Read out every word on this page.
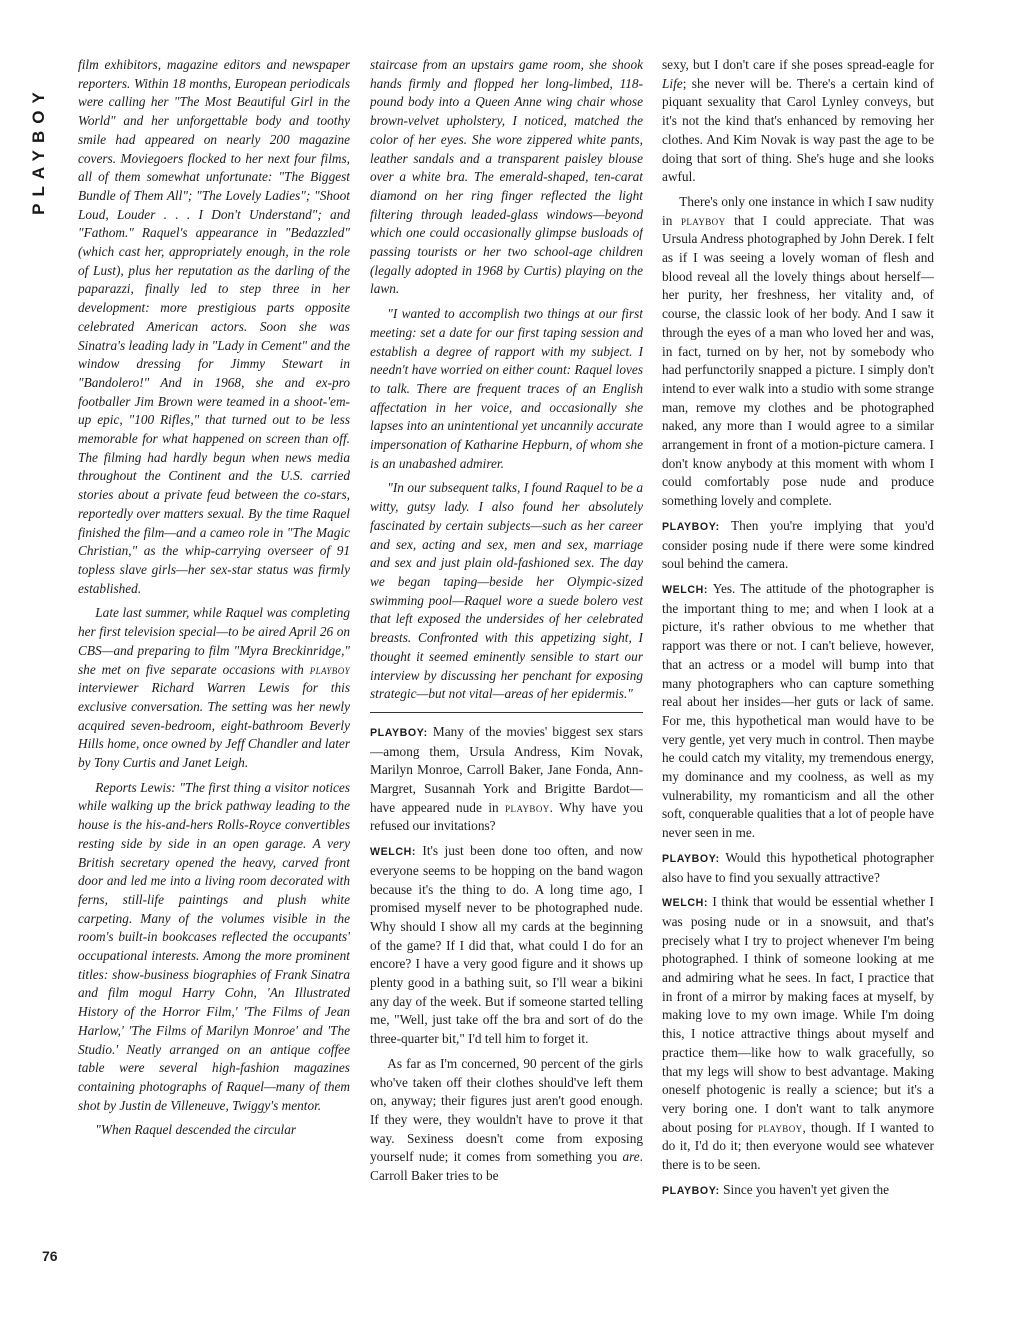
PLAYBOY
76

film exhibitors, magazine editors and newspaper reporters. Within 18 months, European periodicals were calling her "The Most Beautiful Girl in the World" and her unforgettable body and toothy smile had appeared on nearly 200 magazine covers. Moviegoers flocked to her next four films, all of them somewhat unfortunate: "The Biggest Bundle of Them All"; "The Lovely Ladies"; "Shoot Loud, Louder . . . I Don't Understand"; and "Fathom." Raquel's appearance in "Bedazzled" (which cast her, appropriately enough, in the role of Lust), plus her reputation as the darling of the paparazzi, finally led to step three in her development: more prestigious parts opposite celebrated American actors. Soon she was Sinatra's leading lady in "Lady in Cement" and the window dressing for Jimmy Stewart in "Bandolero!" And in 1968, she and ex-pro footballer Jim Brown were teamed in a shoot-'em-up epic, "100 Rifles," that turned out to be less memorable for what happened on screen than off. The filming had hardly begun when news media throughout the Continent and the U.S. carried stories about a private feud between the co-stars, reportedly over matters sexual. By the time Raquel finished the film—and a cameo role in "The Magic Christian," as the whip-carrying overseer of 91 topless slave girls—her sex-star status was firmly established.

Late last summer, while Raquel was completing her first television special—to be aired April 26 on CBS—and preparing to film "Myra Breckinridge," she met on five separate occasions with playboy interviewer Richard Warren Lewis for this exclusive conversation. The setting was her newly acquired seven-bedroom, eight-bathroom Beverly Hills home, once owned by Jeff Chandler and later by Tony Curtis and Janet Leigh.

Reports Lewis: "The first thing a visitor notices while walking up the brick pathway leading to the house is the his-and-hers Rolls-Royce convertibles resting side by side in an open garage. A very British secretary opened the heavy, carved front door and led me into a living room decorated with ferns, still-life paintings and plush white carpeting. Many of the volumes visible in the room's built-in bookcases reflected the occupants' occupational interests. Among the more prominent titles: show-business biographies of Frank Sinatra and film mogul Harry Cohn, 'An Illustrated History of the Horror Film,' 'The Films of Jean Harlow,' 'The Films of Marilyn Monroe' and 'The Studio.' Neatly arranged on an antique coffee table were several high-fashion magazines containing photographs of Raquel—many of them shot by Justin de Villeneuve, Twiggy's mentor.

"When Raquel descended the circular

staircase from an upstairs game room, she shook hands firmly and flopped her long-limbed, 118-pound body into a Queen Anne wing chair whose brown-velvet upholstery, I noticed, matched the color of her eyes. She wore zippered white pants, leather sandals and a transparent paisley blouse over a white bra. The emerald-shaped, ten-carat diamond on her ring finger reflected the light filtering through leaded-glass windows—beyond which one could occasionally glimpse busloads of passing tourists or her two school-age children (legally adopted in 1968 by Curtis) playing on the lawn.

"I wanted to accomplish two things at our first meeting: set a date for our first taping session and establish a degree of rapport with my subject. I needn't have worried on either count: Raquel loves to talk. There are frequent traces of an English affectation in her voice, and occasionally she lapses into an unintentional yet uncannily accurate impersonation of Katharine Hepburn, of whom she is an unabashed admirer.

"In our subsequent talks, I found Raquel to be a witty, gutsy lady. I also found her absolutely fascinated by certain subjects—such as her career and sex, acting and sex, men and sex, marriage and sex and just plain old-fashioned sex. The day we began taping—beside her Olympic-sized swimming pool—Raquel wore a suede bolero vest that left exposed the undersides of her celebrated breasts. Confronted with this appetizing sight, I thought it seemed eminently sensible to start our interview by discussing her penchant for exposing strategic—but not vital—areas of her epidermis."

PLAYBOY: Many of the movies' biggest sex stars—among them, Ursula Andress, Kim Novak, Marilyn Monroe, Carroll Baker, Jane Fonda, Ann-Margret, Susannah York and Brigitte Bardot—have appeared nude in playboy. Why have you refused our invitations?

WELCH: It's just been done too often, and now everyone seems to be hopping on the band wagon because it's the thing to do. A long time ago, I promised myself never to be photographed nude. Why should I show all my cards at the beginning of the game? If I did that, what could I do for an encore? I have a very good figure and it shows up plenty good in a bathing suit, so I'll wear a bikini any day of the week. But if someone started telling me, "Well, just take off the bra and sort of do the three-quarter bit," I'd tell him to forget it.

As far as I'm concerned, 90 percent of the girls who've taken off their clothes should've left them on, anyway; their figures just aren't good enough. If they were, they wouldn't have to prove it that way. Sexiness doesn't come from exposing yourself nude; it comes from something you are. Carroll Baker tries to be

sexy, but I don't care if she poses spread-eagle for Life; she never will be. There's a certain kind of piquant sexuality that Carol Lynley conveys, but it's not the kind that's enhanced by removing her clothes. And Kim Novak is way past the age to be doing that sort of thing. She's huge and she looks awful.

There's only one instance in which I saw nudity in playboy that I could appreciate. That was Ursula Andress photographed by John Derek. I felt as if I was seeing a lovely woman of flesh and blood reveal all the lovely things about herself—her purity, her freshness, her vitality and, of course, the classic look of her body. And I saw it through the eyes of a man who loved her and was, in fact, turned on by her, not by somebody who had perfunctorily snapped a picture. I simply don't intend to ever walk into a studio with some strange man, remove my clothes and be photographed naked, any more than I would agree to a similar arrangement in front of a motion-picture camera. I don't know anybody at this moment with whom I could comfortably pose nude and produce something lovely and complete.

PLAYBOY: Then you're implying that you'd consider posing nude if there were some kindred soul behind the camera.

WELCH: Yes. The attitude of the photographer is the important thing to me; and when I look at a picture, it's rather obvious to me whether that rapport was there or not. I can't believe, however, that an actress or a model will bump into that many photographers who can capture something real about her insides—her guts or lack of same. For me, this hypothetical man would have to be very gentle, yet very much in control. Then maybe he could catch my vitality, my tremendous energy, my dominance and my coolness, as well as my vulnerability, my romanticism and all the other soft, conquerable qualities that a lot of people have never seen in me.

PLAYBOY: Would this hypothetical photographer also have to find you sexually attractive?

WELCH: I think that would be essential whether I was posing nude or in a snowsuit, and that's precisely what I try to project whenever I'm being photographed. I think of someone looking at me and admiring what he sees. In fact, I practice that in front of a mirror by making faces at myself, by making love to my own image. While I'm doing this, I notice attractive things about myself and practice them—like how to walk gracefully, so that my legs will show to best advantage. Making oneself photogenic is really a science; but it's a very boring one. I don't want to talk anymore about posing for playboy, though. If I wanted to do it, I'd do it; then everyone would see whatever there is to be seen.

PLAYBOY: Since you haven't yet given the
